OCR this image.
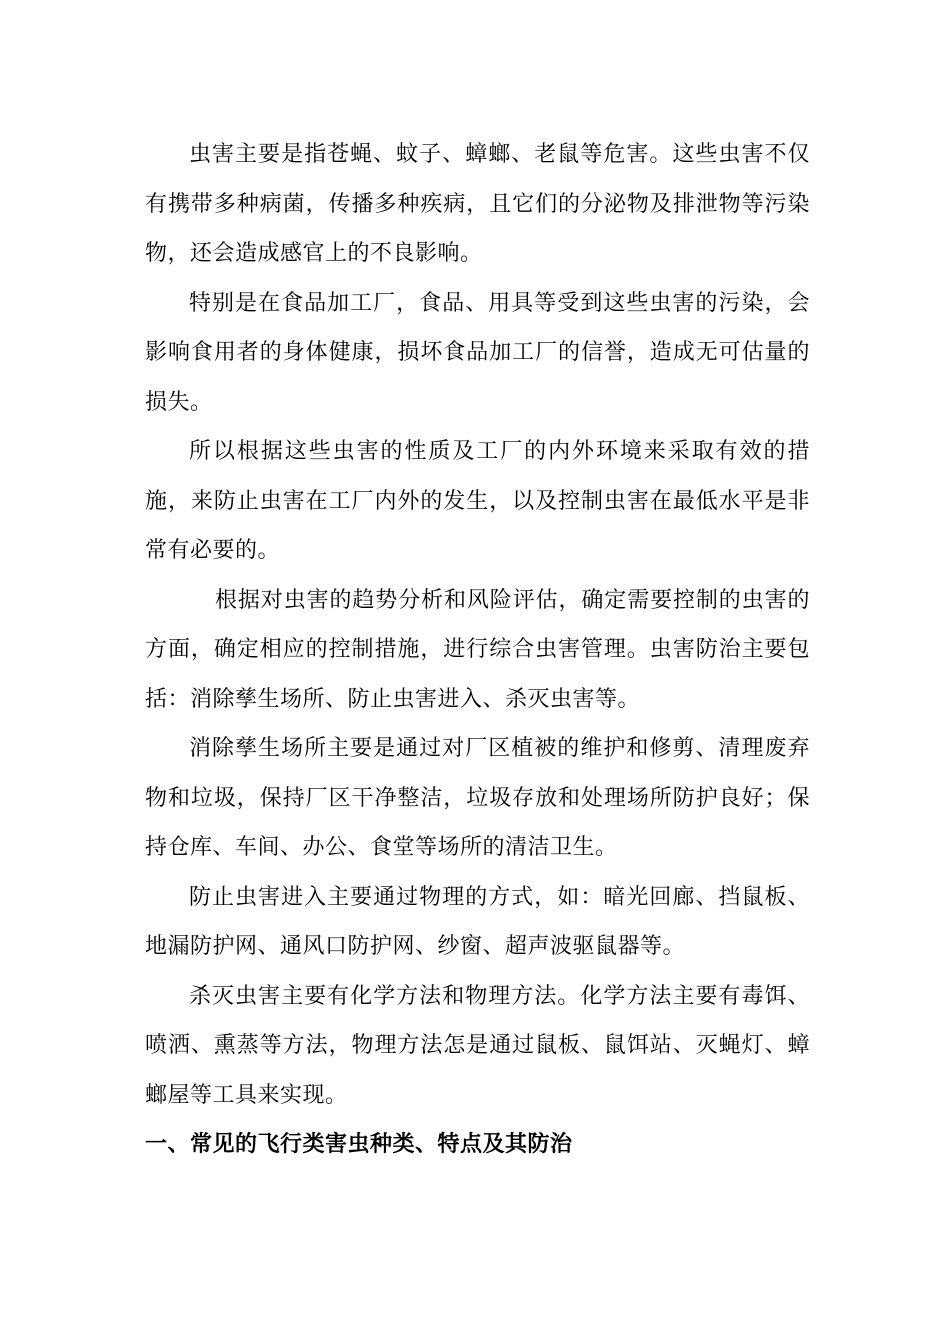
虫害主要是指苍蝇、蚊子、蟑螂、老鼠等危害。这些虫害不仅有携带多种病菌，传播多种疾病，且它们的分泌物及排泄物等污染物，还会造成感官上的不良影响。

特别是在食品加工厂，食品、用具等受到这些虫害的污染，会影响食用者的身体健康，损坏食品加工厂的信誉，造成无可估量的损失。

所以根据这些虫害的性质及工厂的内外环境来采取有效的措施，来防止虫害在工厂内外的发生，以及控制虫害在最低水平是非常有必要的。

根据对虫害的趋势分析和风险评估，确定需要控制的虫害的方面，确定相应的控制措施，进行综合虫害管理。虫害防治主要包括：消除孳生场所、防止虫害进入、杀灭虫害等。

消除孳生场所主要是通过对厂区植被的维护和修剪、清理废弃物和垃圾，保持厂区干净整洁，垃圾存放和处理场所防护良好；保持仓库、车间、办公、食堂等场所的清洁卫生。

防止虫害进入主要通过物理的方式，如：暗光回廊、挡鼠板、地漏防护网、通风口防护网、纱窗、超声波驱鼠器等。

杀灭虫害主要有化学方法和物理方法。化学方法主要有毒饵、喷洒、熏蒸等方法，物理方法怎是通过鼠板、鼠饵站、灭蝇灯、蟑螂屋等工具来实现。

一、常见的飞行类害虫种类、特点及其防治
